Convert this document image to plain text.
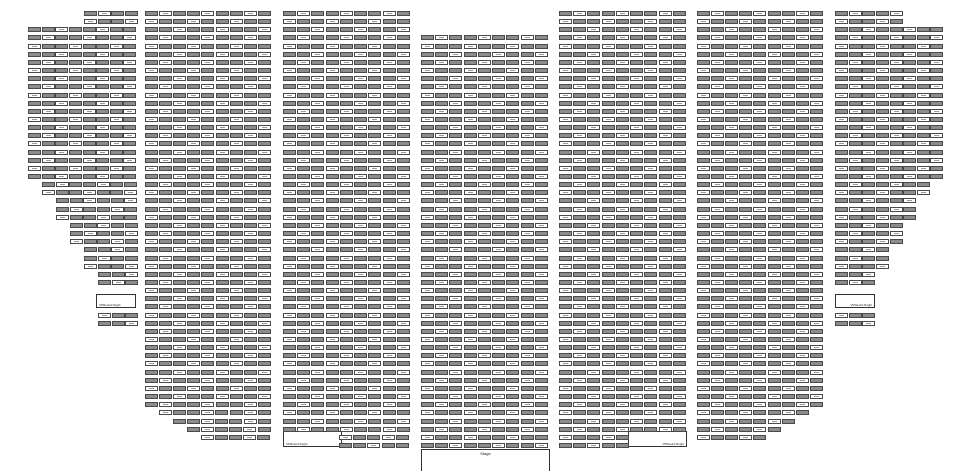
Stage
VPRestrd Rsght	VPRestrd Rsght
VPRestrd Rsght	VPRestrd Rsght
